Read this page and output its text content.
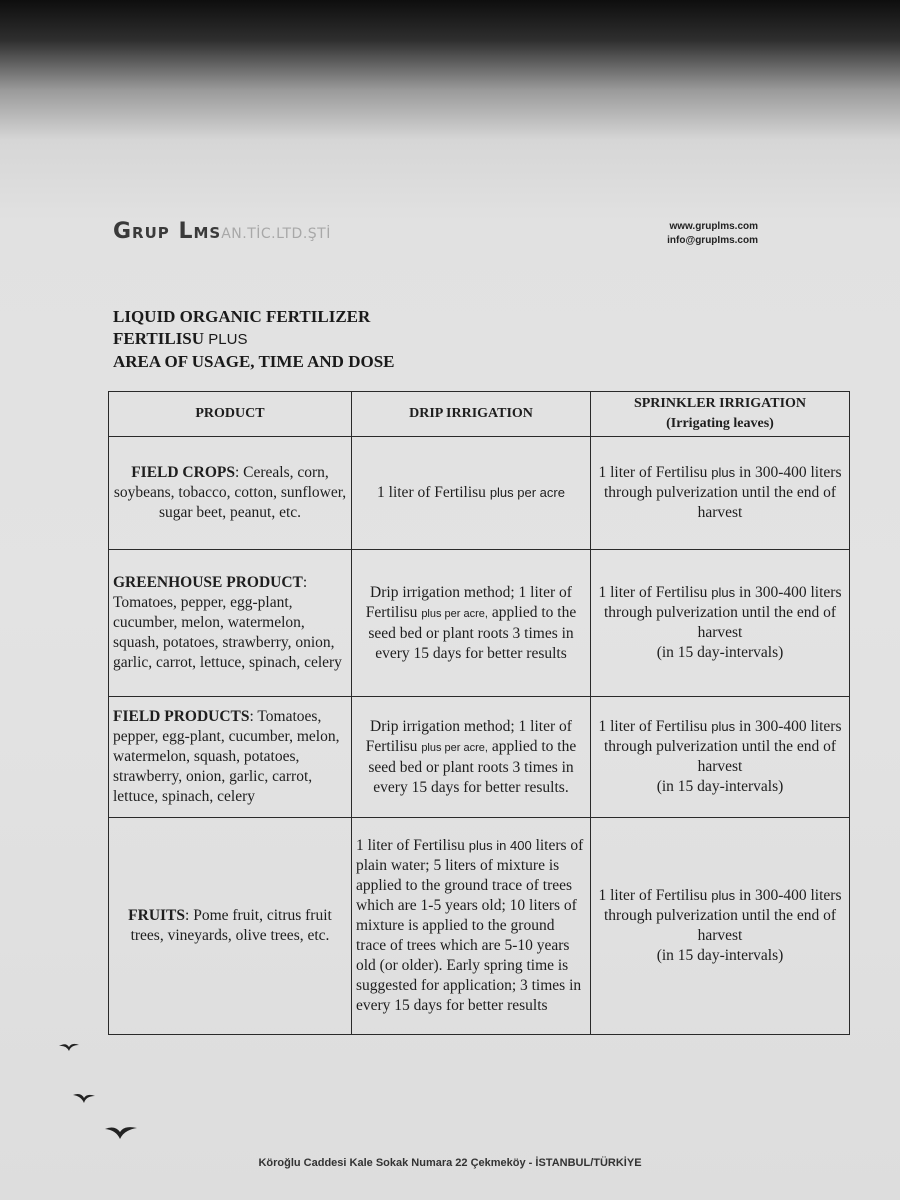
Grup LmsAN.TİC.LTD.ŞTİ	www.gruplms.com
info@grupIms.com
LIQUID ORGANIC FERTILIZER
FERTILISU PLUS
AREA OF USAGE, TIME AND DOSE
PRODUCT	DRIP IRRIGATION	SPRINKLER IRRIGATION
(Irrigating leaves)

FIELD CROPS: Cereals, corn, soybeans, tobacco, cotton, sunflower, sugar beet, peanut, etc.	1 liter of Fertilisu plus per acre	1 liter of Fertilisu plus in 300-400 liters through pulverization until the end of harvest

GREENHOUSE PRODUCT: Tomatoes, pepper, egg-plant, cucumber, melon, watermelon, squash, potatoes, strawberry, onion, garlic, carrot, lettuce, spinach, celery	Drip irrigation method; 1 liter of Fertilisu plus per acre, applied to the seed bed or plant roots 3 times in every 15 days for better results	1 liter of Fertilisu plus in 300-400 liters through pulverization until the end of harvest
(in 15 day-intervals)

FIELD PRODUCTS: Tomatoes, pepper, egg-plant, cucumber, melon, watermelon, squash, potatoes, strawberry, onion, garlic, carrot, lettuce, spinach, celery	Drip irrigation method; 1 liter of Fertilisu plus per acre, applied to the seed bed or plant roots 3 times in every 15 days for better results.	1 liter of Fertilisu plus in 300-400 liters through pulverization until the end of harvest
(in 15 day-intervals)

FRUITS: Pome fruit, citrus fruit trees, vineyards, olive trees, etc.	1 liter of Fertilisu plus in 400 liters of plain water; 5 liters of mixture is applied to the ground trace of trees which are 1-5 years old; 10 liters of mixture is applied to the ground trace of trees which are 5-10 years old (or older). Early spring time is suggested for application; 3 times in every 15 days for better results	1 liter of Fertilisu plus in 300-400 liters through pulverization until the end of harvest
(in 15 day-intervals)
Köroğlu Caddesi Kale Sokak Numara 22 Çekmeköy - İSTANBUL/TÜRKİYE
